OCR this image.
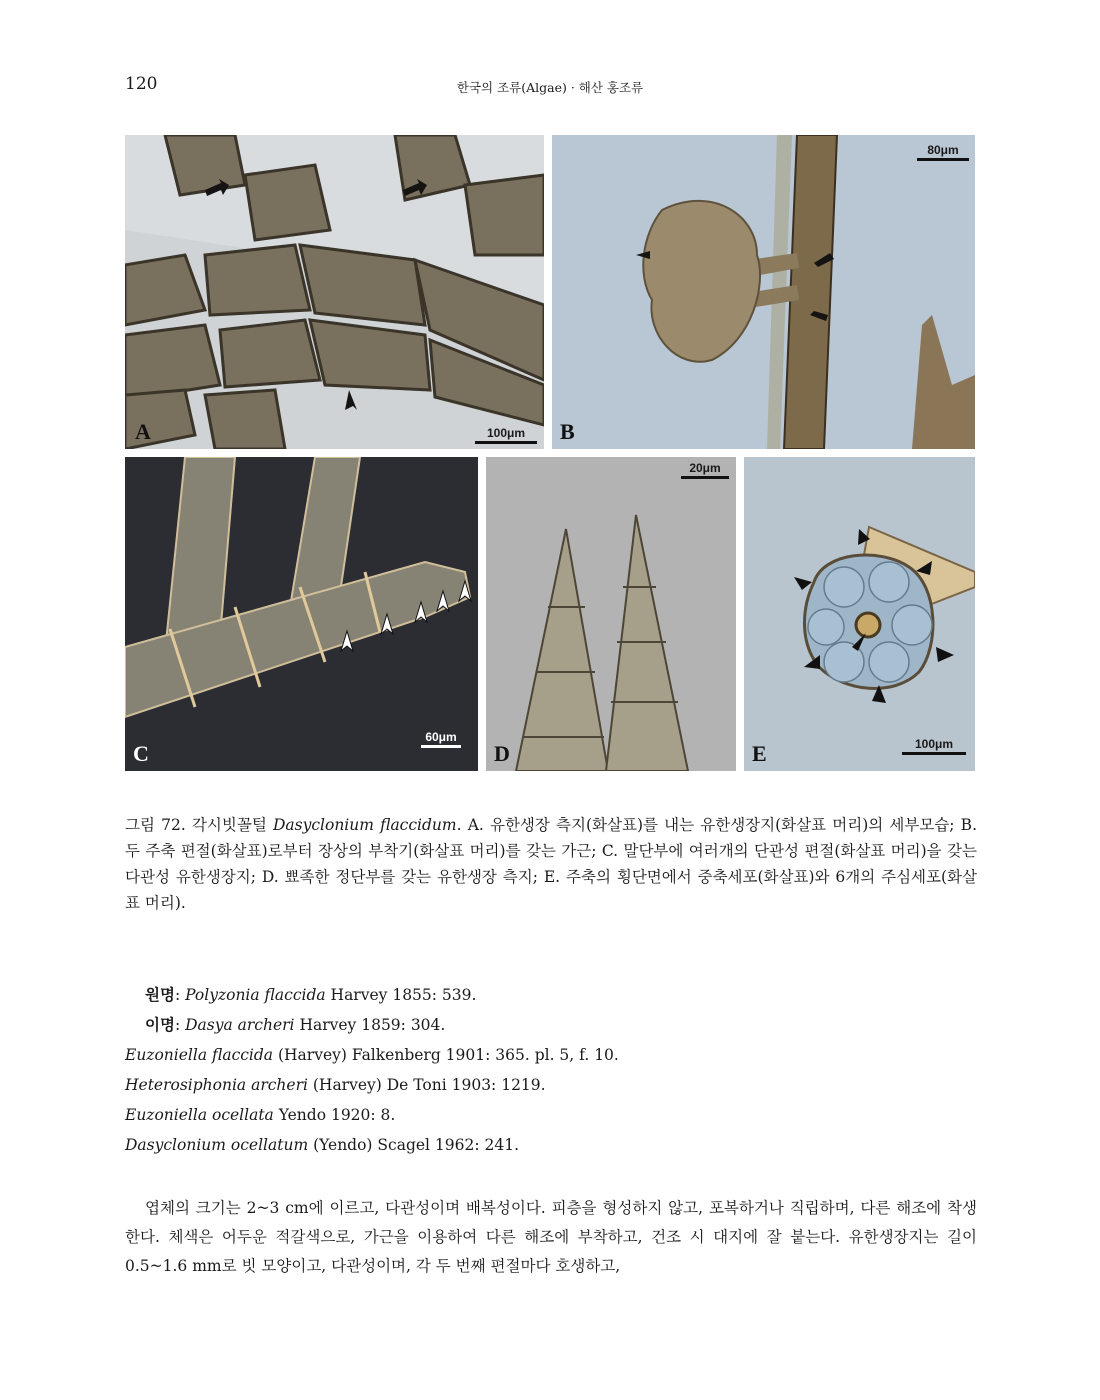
120	한국의 조류(Algae) · 해산 홍조류
A	100μm	B
80μm
C
60μm
D
20μm
E	100μm
그림 72. 각시빗꼴털 Dasyclonium flaccidum. A. 유한생장 측지(화살표)를 내는 유한생장지(화살표 머리)의 세부모습; B. 두 주축 편절(화살표)로부터 장상의 부착기(화살표 머리)를 갖는 가근; C. 말단부에 여러개의 단관성 편절(화살표 머리)을 갖는 다관성 유한생장지; D. 뾰족한 정단부를 갖는 유한생장 측지; E. 주축의 횡단면에서 중축세포(화살표)와 6개의 주심세포(화살표 머리).
원명: Polyzonia flaccida Harvey 1855: 539.
이명: Dasya archeri Harvey 1859: 304.
Euzoniella flaccida (Harvey) Falkenberg 1901: 365. pl. 5, f. 10.
Heterosiphonia archeri (Harvey) De Toni 1903: 1219.
Euzoniella ocellata Yendo 1920: 8.
Dasyclonium ocellatum (Yendo) Scagel 1962: 241.
엽체의 크기는 2~3 cm에 이르고, 다관성이며 배복성이다. 피층을 형성하지 않고, 포복하거나 직립하며, 다른 해조에 착생한다. 체색은 어두운 적갈색으로, 가근을 이용하여 다른 해조에 부착하고, 건조 시 대지에 잘 붙는다. 유한생장지는 길이 0.5~1.6 mm로 빗 모양이고, 다관성이며, 각 두 번째 편절마다 호생하고,
